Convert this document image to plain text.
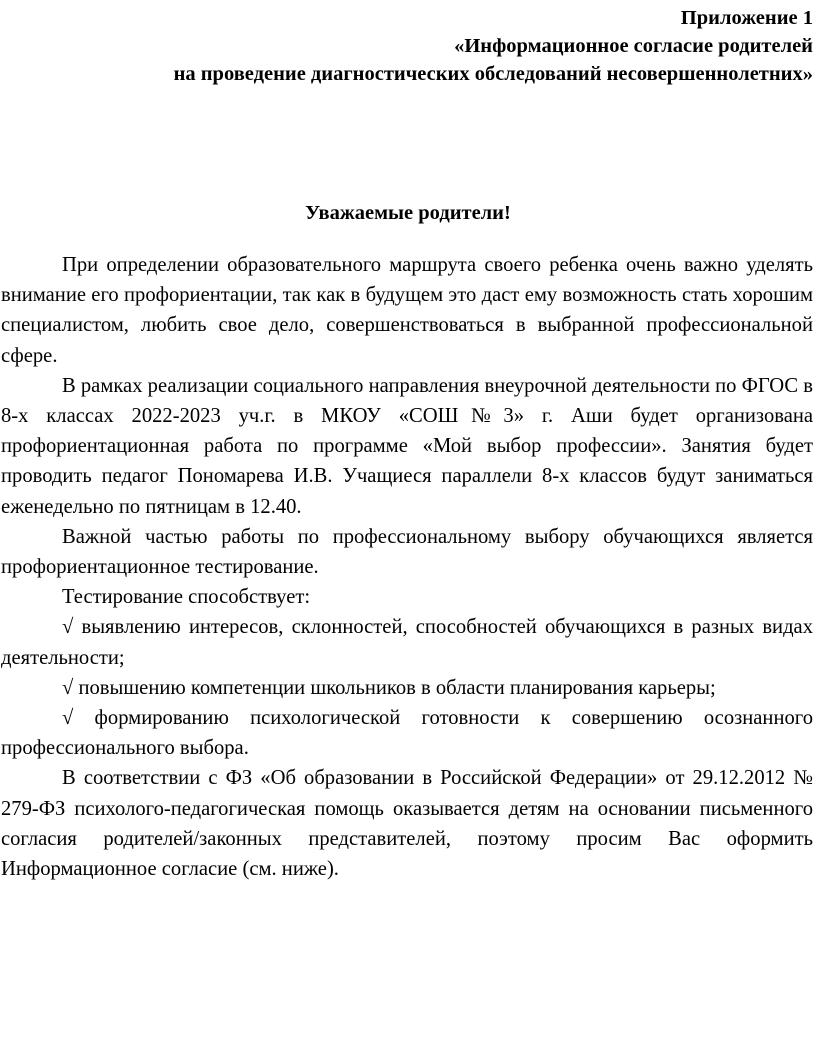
Приложение 1
«Информационное согласие родителей
на проведение диагностических обследований несовершеннолетних»
Уважаемые родители!

При определении образовательного маршрута своего ребенка очень важно уделять внимание его профориентации, так как в будущем это даст ему возможность стать хорошим специалистом, любить свое дело, совершенствоваться в выбранной профессиональной сфере.

В рамках реализации социального направления внеурочной деятельности по ФГОС в 8-х классах 2022-2023 уч.г. в МКОУ «СОШ№3» г. Аши будет организована профориентационная работа по программе «Мой выбор профессии». Занятия будет проводить педагог Пономарева И.В. Учащиеся параллели 8-х классов будут заниматься еженедельно по пятницам в 12.40.

Важной частью работы по профессиональному выбору обучающихся является профориентационное тестирование.

Тестирование способствует:

√ выявлению интересов, склонностей, способностей обучающихся в разных видах деятельности;

√ повышению компетенции школьников в области планирования карьеры;

√ формированию психологической готовности к совершению осознанного профессионального выбора.

В соответствии с ФЗ «Об образовании в Российской Федерации» от 29.12.2012 № 279-ФЗ психолого-педагогическая помощь оказывается детям на основании письменного согласия родителей/законных представителей, поэтому просим Вас оформить Информационное согласие (см. ниже).
